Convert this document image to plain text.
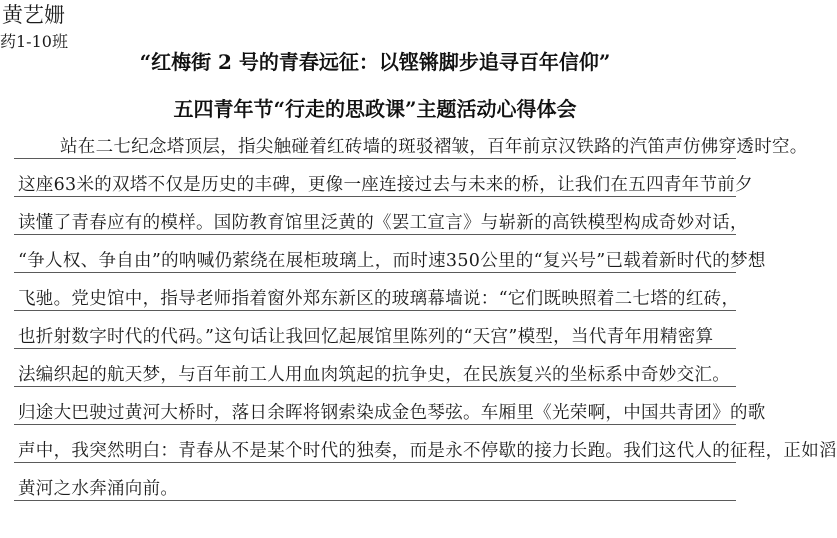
黄艺姗
药1-10班
“红梅街 2 号的青春远征：以铿锵脚步追寻百年信仰”
五四青年节“行走的思政课”主题活动心得体会
站在二七纪念塔顶层，指尖触碰着红砖墙的斑驳褶皱，百年前京汉铁路的汽笛声仿佛穿透时空。
这座63米的双塔不仅是历史的丰碑，更像一座连接过去与未来的桥，让我们在五四青年节前夕
读懂了青春应有的模样。国防教育馆里泛黄的《罢工宣言》与崭新的高铁模型构成奇妙对话，
“争人权、争自由”的呐喊仍萦绕在展柜玻璃上，而时速350公里的“复兴号”已载着新时代的梦想
飞驰。党史馆中，指导老师指着窗外郑东新区的玻璃幕墙说：“它们既映照着二七塔的红砖，
也折射数字时代的代码。”这句话让我回忆起展馆里陈列的“天宫”模型，当代青年用精密算
法编织起的航天梦，与百年前工人用血肉筑起的抗争史，在民族复兴的坐标系中奇妙交汇。
归途大巴驶过黄河大桥时，落日余晖将钢索染成金色琴弦。车厢里《光荣啊，中国共青团》的歌
声中，我突然明白：青春从不是某个时代的独奏，而是永不停歇的接力长跑。我们这代人的征程，正如滔
黄河之水奔涌向前。
